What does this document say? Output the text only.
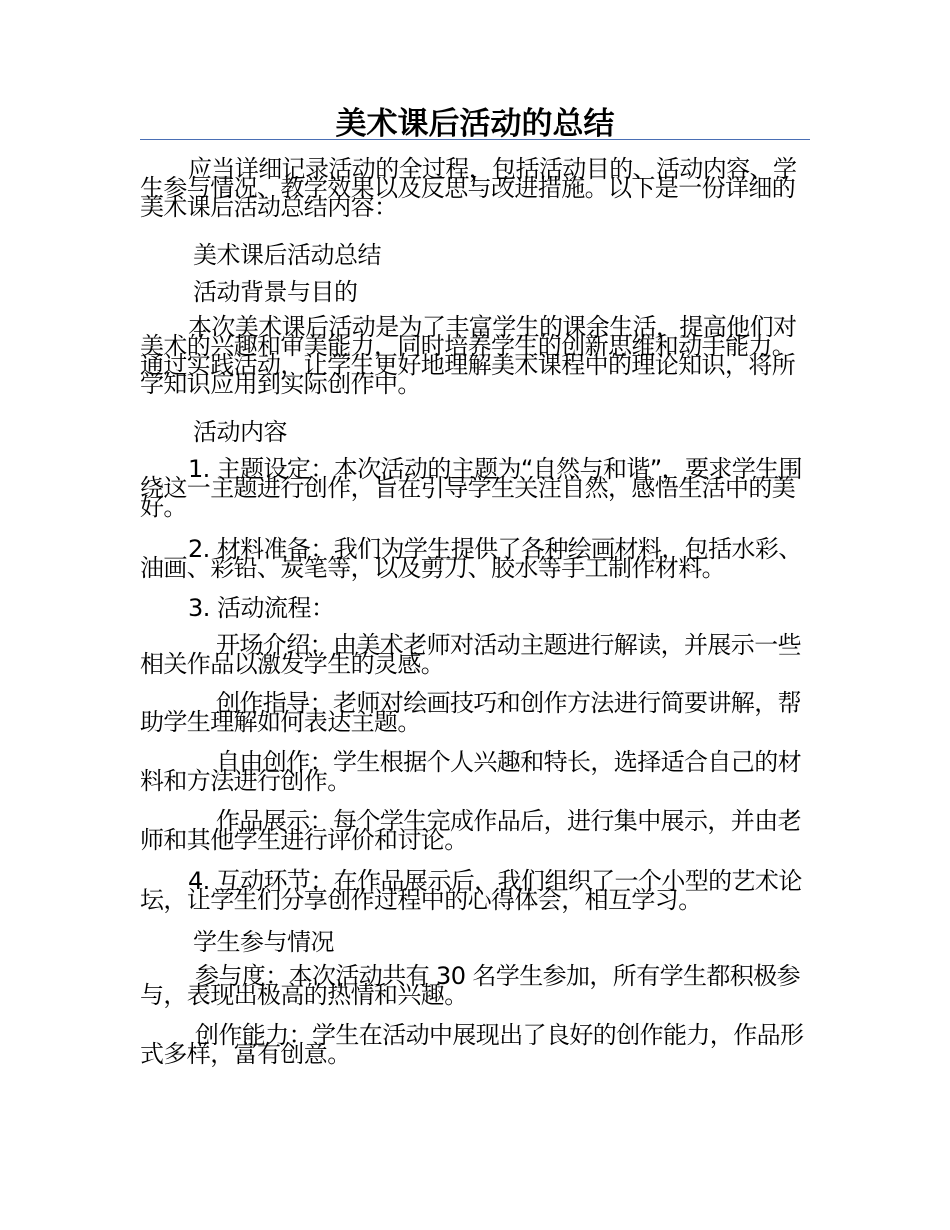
美术课后活动的总结

应当详细记录活动的全过程，包括活动目的、活动内容、学生参与情况、教学效果以及反思与改进措施。以下是一份详细的美术课后活动总结内容：

美术课后活动总结

活动背景与目的

本次美术课后活动是为了丰富学生的课余生活，提高他们对美术的兴趣和审美能力，同时培养学生的创新思维和动手能力。通过实践活动，让学生更好地理解美术课程中的理论知识，将所学知识应用到实际创作中。

活动内容

1. 主题设定：本次活动的主题为“自然与和谐”，要求学生围绕这一主题进行创作，旨在引导学生关注自然，感悟生活中的美好。

2. 材料准备：我们为学生提供了各种绘画材料，包括水彩、油画、彩铅、炭笔等，以及剪刀、胶水等手工制作材料。

3. 活动流程：

开场介绍：由美术老师对活动主题进行解读，并展示一些相关作品以激发学生的灵感。

创作指导：老师对绘画技巧和创作方法进行简要讲解，帮助学生理解如何表达主题。

自由创作：学生根据个人兴趣和特长，选择适合自己的材料和方法进行创作。

作品展示：每个学生完成作品后，进行集中展示，并由老师和其他学生进行评价和讨论。

4. 互动环节：在作品展示后，我们组织了一个小型的艺术论坛，让学生们分享创作过程中的心得体会，相互学习。

学生参与情况

参与度：本次活动共有 30 名学生参加，所有学生都积极参与，表现出极高的热情和兴趣。

创作能力：学生在活动中展现出了良好的创作能力，作品形式多样，富有创意。
